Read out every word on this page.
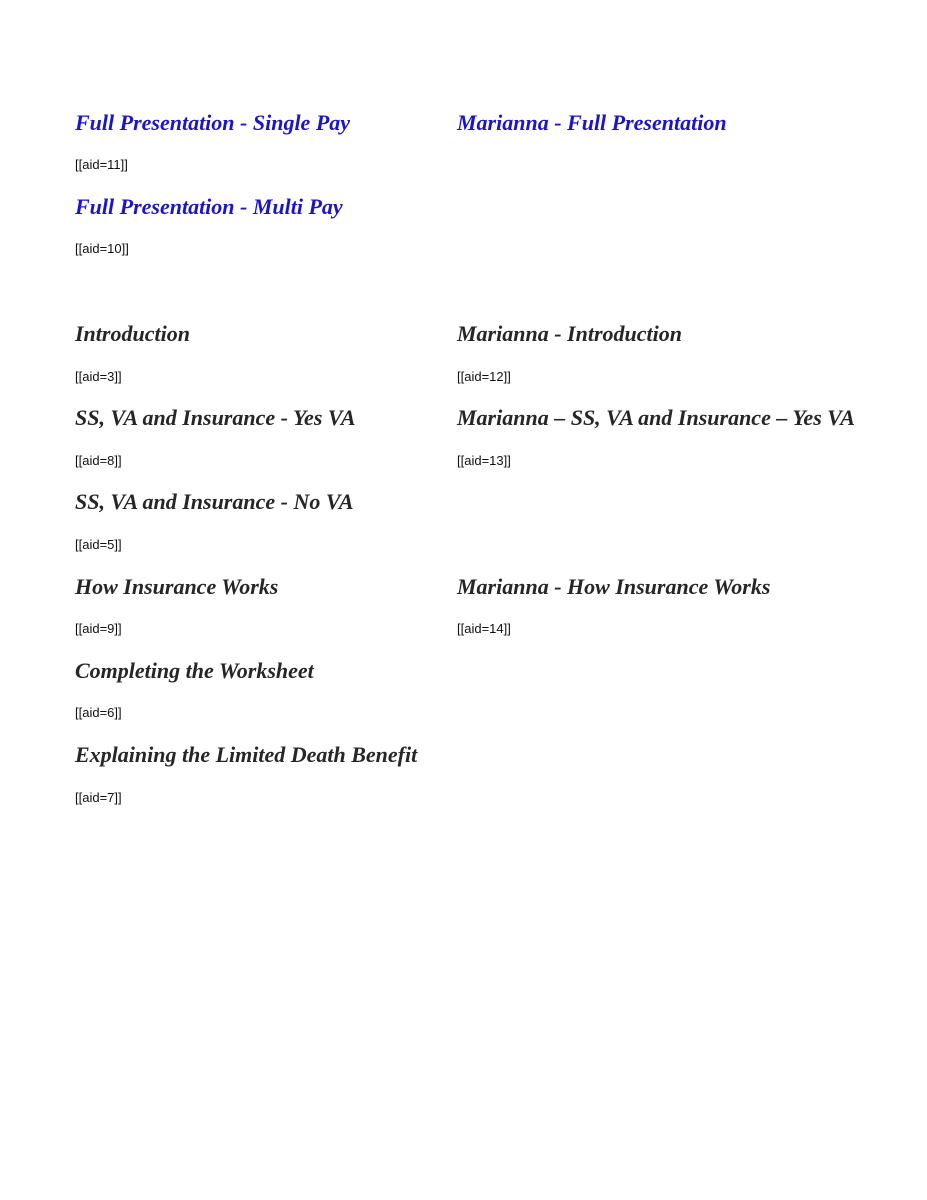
Full Presentation - Single Pay

[[aid=11]]

Full Presentation - Multi Pay

[[aid=10]]

Marianna - Full Presentation
Introduction

[[aid=3]]

SS, VA and Insurance - Yes VA

[[aid=8]]

SS, VA and Insurance - No VA

[[aid=5]]

How Insurance Works

[[aid=9]]

Completing the Worksheet

[[aid=6]]

Explaining the Limited Death Benefit

[[aid=7]]

Marianna - Introduction

[[aid=12]]

Marianna – SS, VA and Insurance – Yes VA

[[aid=13]]

Marianna - How Insurance Works

[[aid=14]]
